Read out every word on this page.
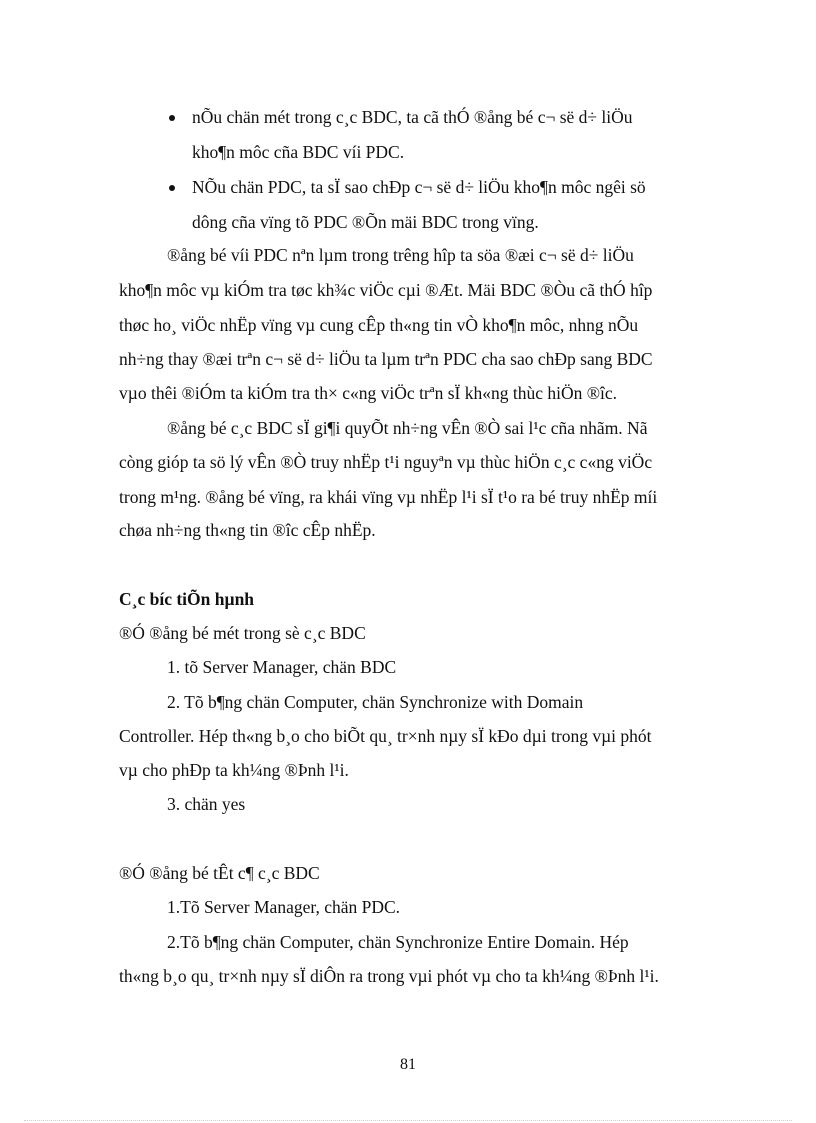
nÕu chän mét trong c¸c BDC, ta cã thÓ ®ång bé c¬ së d÷ liÖu
kho¶n môc cña BDC víi PDC.
NÕu chän PDC, ta sÏ sao chÐp c¬ së d÷ liÖu kho¶n môc ngêi sö
dông cña vïng tõ PDC ®Õn mäi BDC trong vïng.
®ång bé víi PDC nªn lµm trong trêng hîp ta söa ®æi c¬ së d÷ liÖu
kho¶n môc vµ kiÓm tra tøc kh¾c viÖc cµi ®Æt. Mäi BDC ®Òu cã thÓ hîp
thøc ho¸ viÖc nhËp vïng vµ cung cÊp th«ng tin vÒ kho¶n môc, nhng nÕu
nh÷ng thay ®æi trªn c¬ së d÷ liÖu ta lµm trªn PDC cha sao chÐp sang BDC
vµo thêi ®iÓm ta kiÓm tra th× c«ng viÖc trªn sÏ kh«ng thùc hiÖn ®îc.
®ång bé c¸c BDC sÏ gi¶i quyÕt nh÷ng vÊn ®Ò sai l¹c cña nhãm. Nã
còng gióp ta sö lý vÊn ®Ò truy nhËp t¹i nguyªn vµ thùc hiÖn c¸c c«ng viÖc
trong m¹ng. ®ång bé vïng, ra khái vïng vµ nhËp l¹i sÏ t¹o ra bé truy nhËp míi
chøa nh÷ng th«ng tin ®îc cÊp nhËp.
C¸c bíc tiÕn hµnh
®Ó ®ång bé mét trong sè c¸c BDC
1. tõ Server Manager, chän BDC
2. Tõ b¶ng chän Computer, chän Synchronize with Domain
Controller. Hép th«ng b¸o cho biÕt qu¸ tr×nh nµy sÏ kÐo dµi trong vµi phót
vµ cho phÐp ta kh¼ng ®Þnh l¹i.
3. chän yes
®Ó ®ång bé tÊt c¶ c¸c BDC
1.Tõ Server Manager, chän PDC.
2.Tõ b¶ng chän Computer, chän Synchronize Entire Domain. Hép
th«ng b¸o qu¸ tr×nh nµy sÏ diÔn ra trong vµi phót vµ cho ta kh¼ng ®Þnh l¹i.
81
